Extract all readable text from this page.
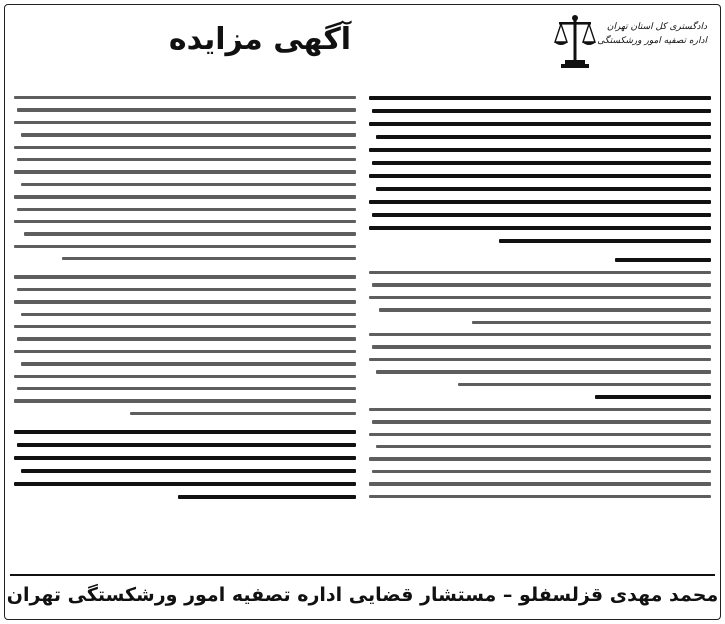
آگهی مزایده	دادگستری کل استان تهران
اداره تصفیه امور ورشکستگی
محمد مهدی قزلسفلو – مستشار قضایی اداره تصفیه امور ورشکستگی تهران
